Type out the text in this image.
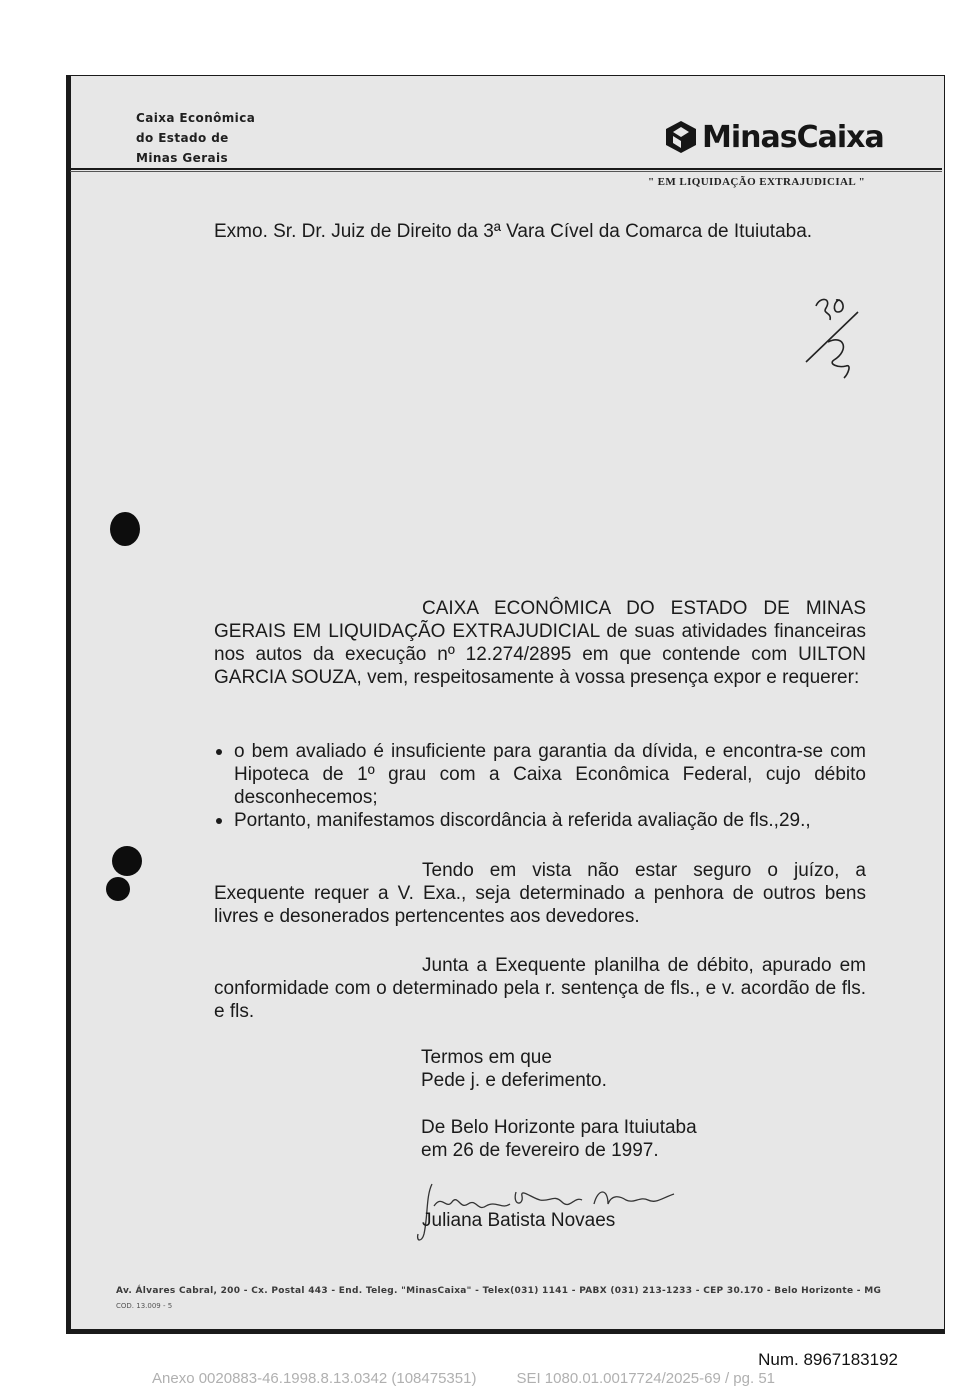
Caixa Econômica
do Estado de
Minas Gerais
MinasCaixa
" EM LIQUIDAÇÃO EXTRAJUDICIAL "
Exmo. Sr. Dr. Juiz de Direito da 3ª Vara Cível da Comarca de Ituiutaba.
CAIXA ECONÔMICA DO ESTADO DE MINAS GERAIS EM LIQUIDAÇÃO EXTRAJUDICIAL de suas atividades financeiras nos autos da execução nº 12.274/2895 em que contende com UILTON GARCIA SOUZA, vem, respeitosamente à vossa presença expor e requerer:
o bem avaliado é insuficiente para garantia da dívida, e encontra-se com Hipoteca de 1º grau com a Caixa Econômica Federal, cujo débito desconhecemos;
Portanto, manifestamos discordância à referida avaliação de fls.,29.,
Tendo em vista não estar seguro o juízo, a Exequente requer a V. Exa., seja determinado a penhora de outros bens livres e desonerados pertencentes aos devedores.
Junta a Exequente planilha de débito, apurado em conformidade com o determinado pela r. sentença de fls., e v. acordão de fls. e fls.
Termos em que
Pede j. e deferimento.
De Belo Horizonte para Ituiutaba
em 26 de fevereiro de 1997.
Juliana Batista Novaes
Av. Álvares Cabral, 200 - Cx. Postal 443 - End. Teleg. "MinasCaixa" - Telex(031) 1141 - PABX (031) 213-1233 - CEP 30.170 - Belo Horizonte - MG
COD. 13.009 - 5
Num. 8967183192
Anexo 0020883-46.1998.8.13.0342 (108475351)	SEI 1080.01.0017724/2025-69 / pg. 51
